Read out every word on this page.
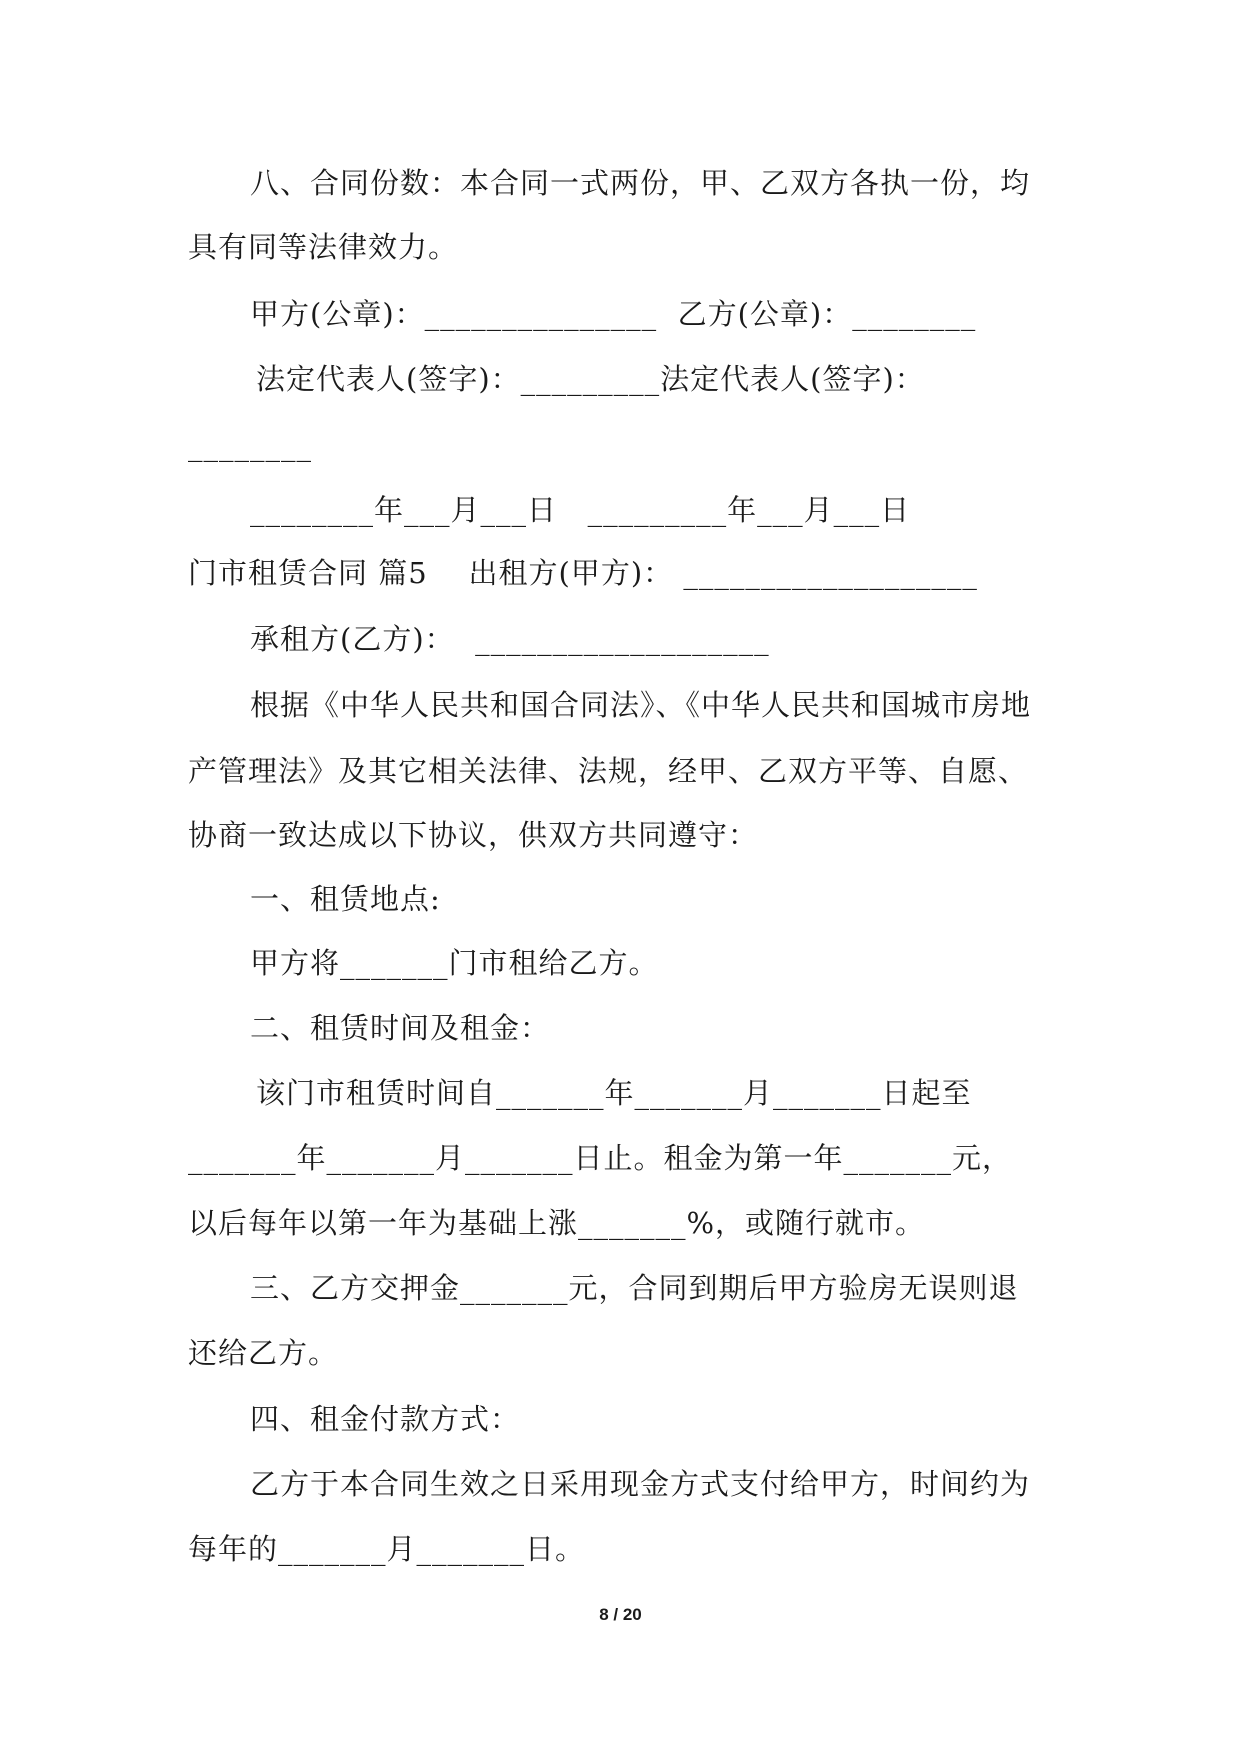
八、合同份数：本合同一式两份，甲、乙双方各执一份，均
具有同等法律效力。
甲方(公章)：_______________  乙方(公章)：________
法定代表人(签字)：_________法定代表人(签字)：
________
________年___月___日   _________年___月___日
门市租赁合同 篇5    出租方(甲方)： ___________________
承租方(乙方)：  ___________________
根据《中华人民共和国合同法》、《中华人民共和国城市房地
产管理法》及其它相关法律、法规，经甲、乙双方平等、自愿、
协商一致达成以下协议，供双方共同遵守：
一、租赁地点:
甲方将_______门市租给乙方。
二、租赁时间及租金：
该门市租赁时间自_______年_______月_______日起至
_______年_______月_______日止。租金为第一年_______元，
以后每年以第一年为基础上涨_______%，或随行就市。
三、乙方交押金_______元，合同到期后甲方验房无误则退
还给乙方。
四、租金付款方式：
乙方于本合同生效之日采用现金方式支付给甲方，时间约为
每年的_______月_______日。
8 / 20
